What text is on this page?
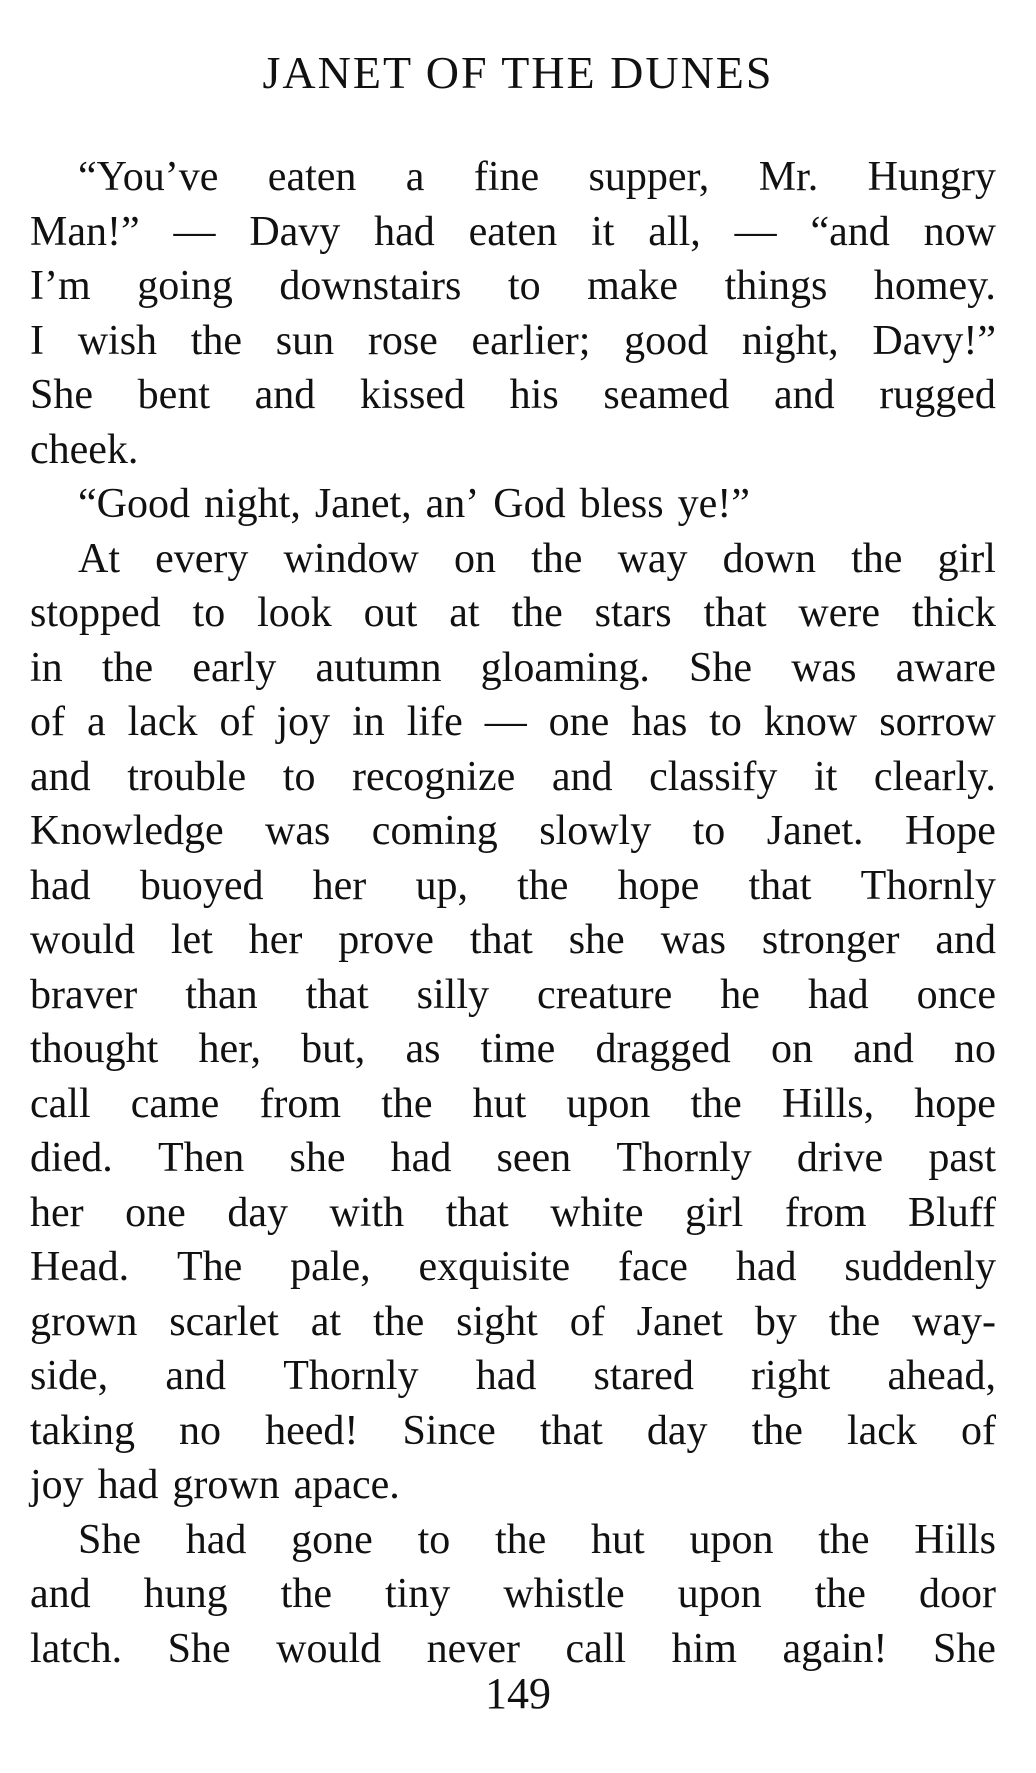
JANET OF THE DUNES
“You’ve eaten a fine supper, Mr. Hungry
Man!” — Davy had eaten it all, — “and now
I’m going downstairs to make things homey.
I wish the sun rose earlier; good night, Davy!”
She bent and kissed his seamed and rugged
cheek.
“Good night, Janet, an’ God bless ye!”
At every window on the way down the girl
stopped to look out at the stars that were thick
in the early autumn gloaming. She was aware
of a lack of joy in life — one has to know sorrow
and trouble to recognize and classify it clearly.
Knowledge was coming slowly to Janet. Hope
had buoyed her up, the hope that Thornly
would let her prove that she was stronger and
braver than that silly creature he had once
thought her, but, as time dragged on and no
call came from the hut upon the Hills, hope
died. Then she had seen Thornly drive past
her one day with that white girl from Bluff
Head. The pale, exquisite face had suddenly
grown scarlet at the sight of Janet by the way-
side, and Thornly had stared right ahead,
taking no heed! Since that day the lack of
joy had grown apace.
She had gone to the hut upon the Hills
and hung the tiny whistle upon the door
latch. She would never call him again! She
149
